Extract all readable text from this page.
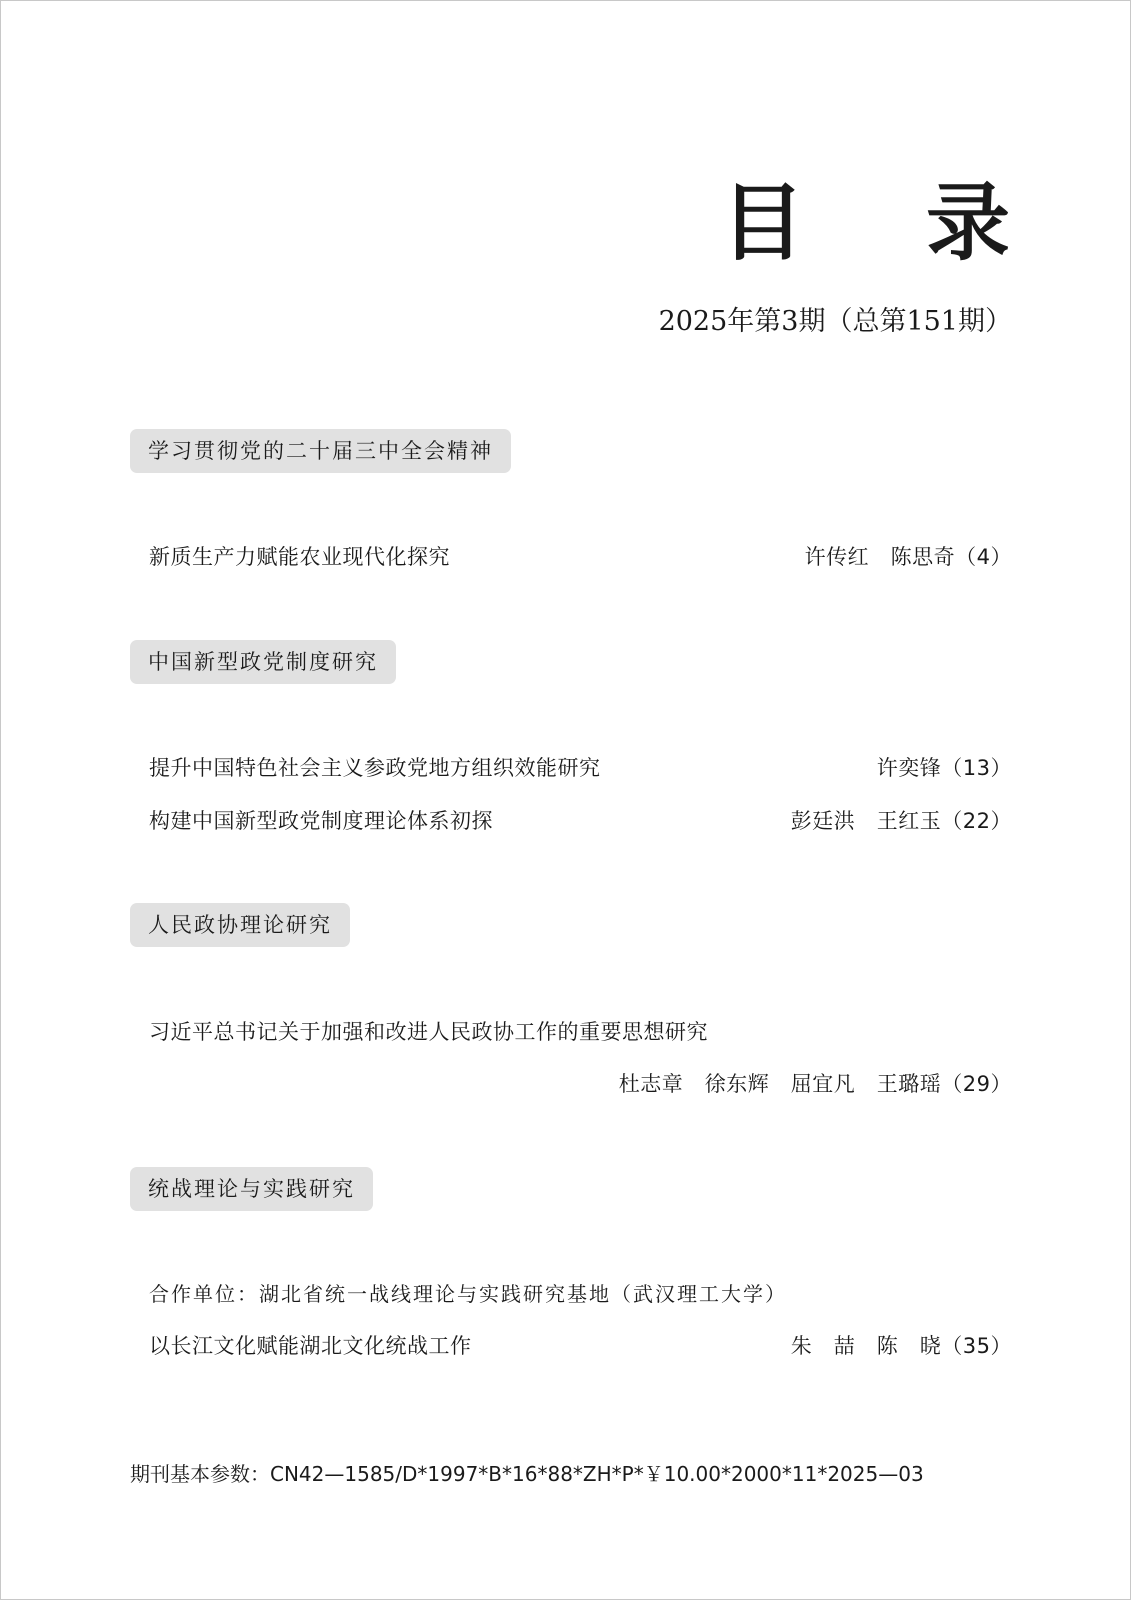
目 录
2025年第3期（总第151期）
学习贯彻党的二十届三中全会精神
新质生产力赋能农业现代化探究	许传红　陈思奇（4）
中国新型政党制度研究
提升中国特色社会主义参政党地方组织效能研究	许奕锋（13）
构建中国新型政党制度理论体系初探	彭廷洪　王红玉（22）
人民政协理论研究
习近平总书记关于加强和改进人民政协工作的重要思想研究
杜志章　徐东辉　屈宜凡　王璐瑶（29）
统战理论与实践研究
合作单位：湖北省统一战线理论与实践研究基地（武汉理工大学）
以长江文化赋能湖北文化统战工作	朱　喆　陈　晓（35）
期刊基本参数：CN42—1585/D*1997*B*16*88*ZH*P*￥10.00*2000*11*2025—03
